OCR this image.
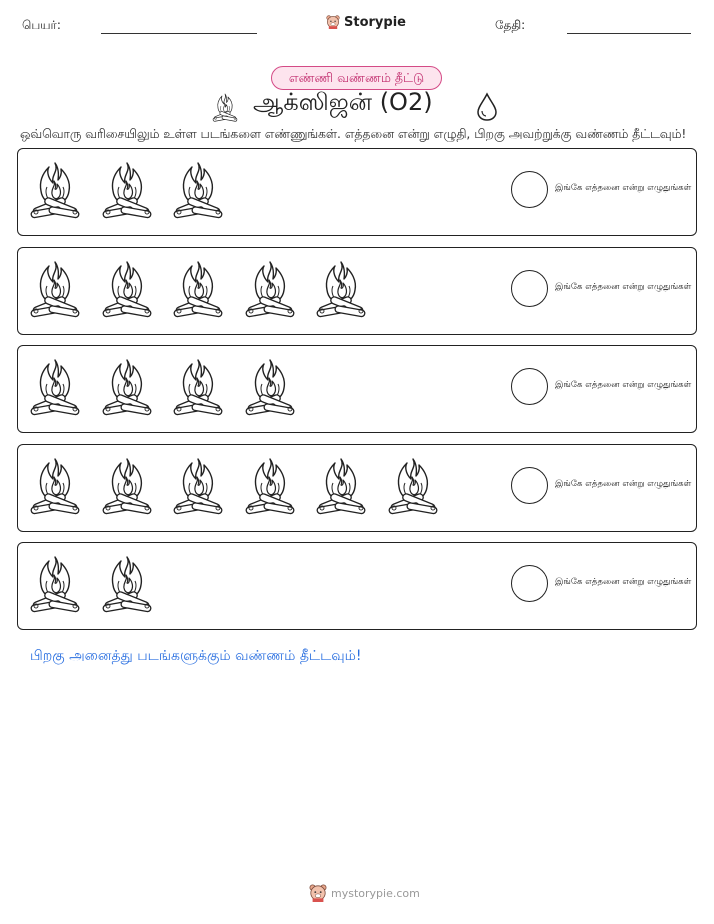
பெயர்:	Storypie	தேதி:
எண்ணி வண்ணம் தீட்டு
ஆக்ஸிஜன் (O2)
ஒவ்வொரு வரிசையிலும் உள்ள படங்களை எண்ணுங்கள். எத்தனை என்று எழுதி, பிறகு அவற்றுக்கு வண்ணம் தீட்டவும்!
இங்கே எத்தனை என்று எழுதுங்கள்
இங்கே எத்தனை என்று எழுதுங்கள்
இங்கே எத்தனை என்று எழுதுங்கள்
இங்கே எத்தனை என்று எழுதுங்கள்
இங்கே எத்தனை என்று எழுதுங்கள்
பிறகு அனைத்து படங்களுக்கும் வண்ணம் தீட்டவும்!
mystorypie.com
